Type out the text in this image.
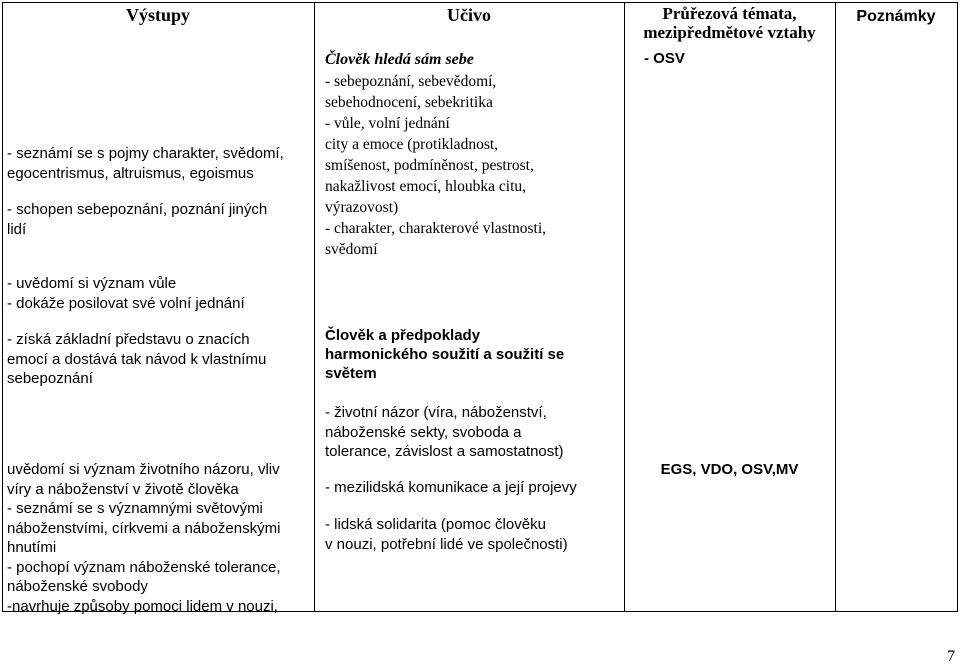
Výstupy	Učivo	Průřezová témata,
mezipředmětové vztahy
Poznámky
- seznámí se s pojmy charakter, svědomí,
egocentrismus, altruismus, egoismus
- schopen sebepoznání, poznání jiných
lidí
- uvědomí si význam vůle
- dokáže posilovat své volní jednání
- získá základní představu o znacích
emocí a dostává tak návod k vlastnímu
sebepoznání
uvědomí si význam životního názoru, vliv
víry a náboženství v životě člověka
- seznámí se s významnými světovými
náboženstvími, církvemi a náboženskými
hnutími
- pochopí význam náboženské tolerance,
náboženské svobody
-navrhuje způsoby pomoci lidem v nouzi,
Člověk hledá sám sebe
- sebepoznání, sebevědomí,
sebehodnocení, sebekritika
- vůle, volní jednání
city a emoce (protikladnost,
smíšenost, podmíněnost, pestrost,
nakažlivost emocí, hloubka citu,
výrazovost)
- charakter, charakterové vlastnosti,
svědomí
Člověk a předpoklady
harmonického soužití a soužití se
světem
- životní názor (víra, náboženství,
náboženské sekty, svoboda a
tolerance, závislost a samostatnost)
- mezilidská komunikace a její projevy
- lidská solidarita (pomoc člověku
v nouzi, potřební lidé ve společnosti)
- OSV
EGS, VDO, OSV,MV
7
